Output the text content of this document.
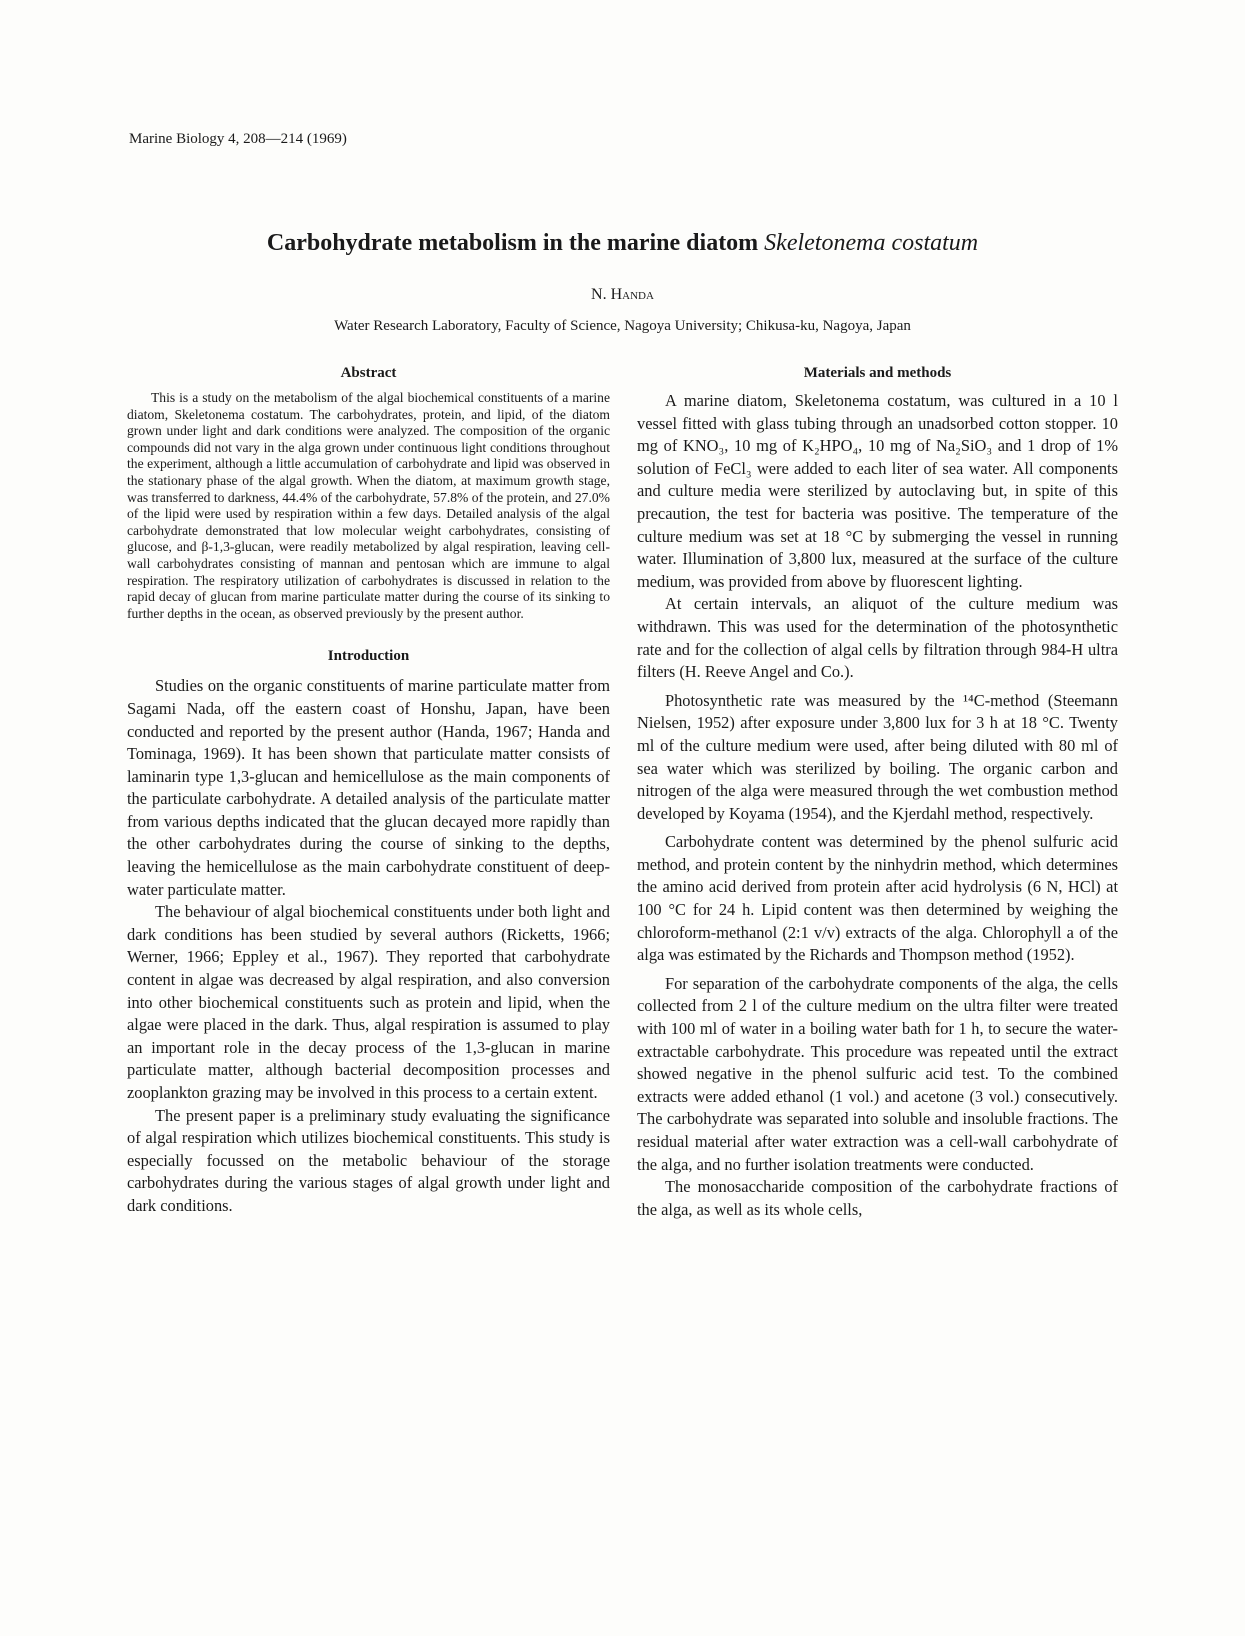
Marine Biology 4, 208—214 (1969)
Carbohydrate metabolism in the marine diatom Skeletonema costatum
N. Handa
Water Research Laboratory, Faculty of Science, Nagoya University; Chikusa-ku, Nagoya, Japan
Abstract

This is a study on the metabolism of the algal biochemical constituents of a marine diatom, Skeletonema costatum. The carbohydrates, protein, and lipid, of the diatom grown under light and dark conditions were analyzed. The composition of the organic compounds did not vary in the alga grown under continuous light conditions throughout the experiment, although a little accumulation of carbohydrate and lipid was observed in the stationary phase of the algal growth. When the diatom, at maximum growth stage, was transferred to darkness, 44.4% of the carbohydrate, 57.8% of the protein, and 27.0% of the lipid were used by respiration within a few days. Detailed analysis of the algal carbohydrate demonstrated that low molecular weight carbohydrates, consisting of glucose, and β-1,3-glucan, were readily metabolized by algal respiration, leaving cell-wall carbohydrates consisting of mannan and pentosan which are immune to algal respiration. The respiratory utilization of carbohydrates is discussed in relation to the rapid decay of glucan from marine particulate matter during the course of its sinking to further depths in the ocean, as observed previously by the present author.

Introduction

Studies on the organic constituents of marine particulate matter from Sagami Nada, off the eastern coast of Honshu, Japan, have been conducted and reported by the present author (Handa, 1967; Handa and Tominaga, 1969). It has been shown that particulate matter consists of laminarin type 1,3-glucan and hemicellulose as the main components of the particulate carbohydrate. A detailed analysis of the particulate matter from various depths indicated that the glucan decayed more rapidly than the other carbohydrates during the course of sinking to the depths, leaving the hemicellulose as the main carbohydrate constituent of deep-water particulate matter.

The behaviour of algal biochemical constituents under both light and dark conditions has been studied by several authors (Ricketts, 1966; Werner, 1966; Eppley et al., 1967). They reported that carbohydrate content in algae was decreased by algal respiration, and also conversion into other biochemical constituents such as protein and lipid, when the algae were placed in the dark. Thus, algal respiration is assumed to play an important role in the decay process of the 1,3-glucan in marine particulate matter, although bacterial decomposition processes and zooplankton grazing may be involved in this process to a certain extent.

The present paper is a preliminary study evaluating the significance of algal respiration which utilizes biochemical constituents. This study is especially focussed on the metabolic behaviour of the storage carbohydrates during the various stages of algal growth under light and dark conditions.

Materials and methods

A marine diatom, Skeletonema costatum, was cultured in a 10 l vessel fitted with glass tubing through an unadsorbed cotton stopper. 10 mg of KNO₃, 10 mg of K₂HPO₄, 10 mg of Na₂SiO₃ and 1 drop of 1% solution of FeCl₃ were added to each liter of sea water. All components and culture media were sterilized by autoclaving but, in spite of this precaution, the test for bacteria was positive. The temperature of the culture medium was set at 18 °C by submerging the vessel in running water. Illumination of 3,800 lux, measured at the surface of the culture medium, was provided from above by fluorescent lighting.

At certain intervals, an aliquot of the culture medium was withdrawn. This was used for the determination of the photosynthetic rate and for the collection of algal cells by filtration through 984-H ultra filters (H. Reeve Angel and Co.).

Photosynthetic rate was measured by the ¹⁴C-method (Steemann Nielsen, 1952) after exposure under 3,800 lux for 3 h at 18 °C. Twenty ml of the culture medium were used, after being diluted with 80 ml of sea water which was sterilized by boiling. The organic carbon and nitrogen of the alga were measured through the wet combustion method developed by Koyama (1954), and the Kjerdahl method, respectively.

Carbohydrate content was determined by the phenol sulfuric acid method, and protein content by the ninhydrin method, which determines the amino acid derived from protein after acid hydrolysis (6 N, HCl) at 100 °C for 24 h. Lipid content was then determined by weighing the chloroform-methanol (2:1 v/v) extracts of the alga. Chlorophyll a of the alga was estimated by the Richards and Thompson method (1952).

For separation of the carbohydrate components of the alga, the cells collected from 2 l of the culture medium on the ultra filter were treated with 100 ml of water in a boiling water bath for 1 h, to secure the water-extractable carbohydrate. This procedure was repeated until the extract showed negative in the phenol sulfuric acid test. To the combined extracts were added ethanol (1 vol.) and acetone (3 vol.) consecutively. The carbohydrate was separated into soluble and insoluble fractions. The residual material after water extraction was a cell-wall carbohydrate of the alga, and no further isolation treatments were conducted.

The monosaccharide composition of the carbohydrate fractions of the alga, as well as its whole cells,
